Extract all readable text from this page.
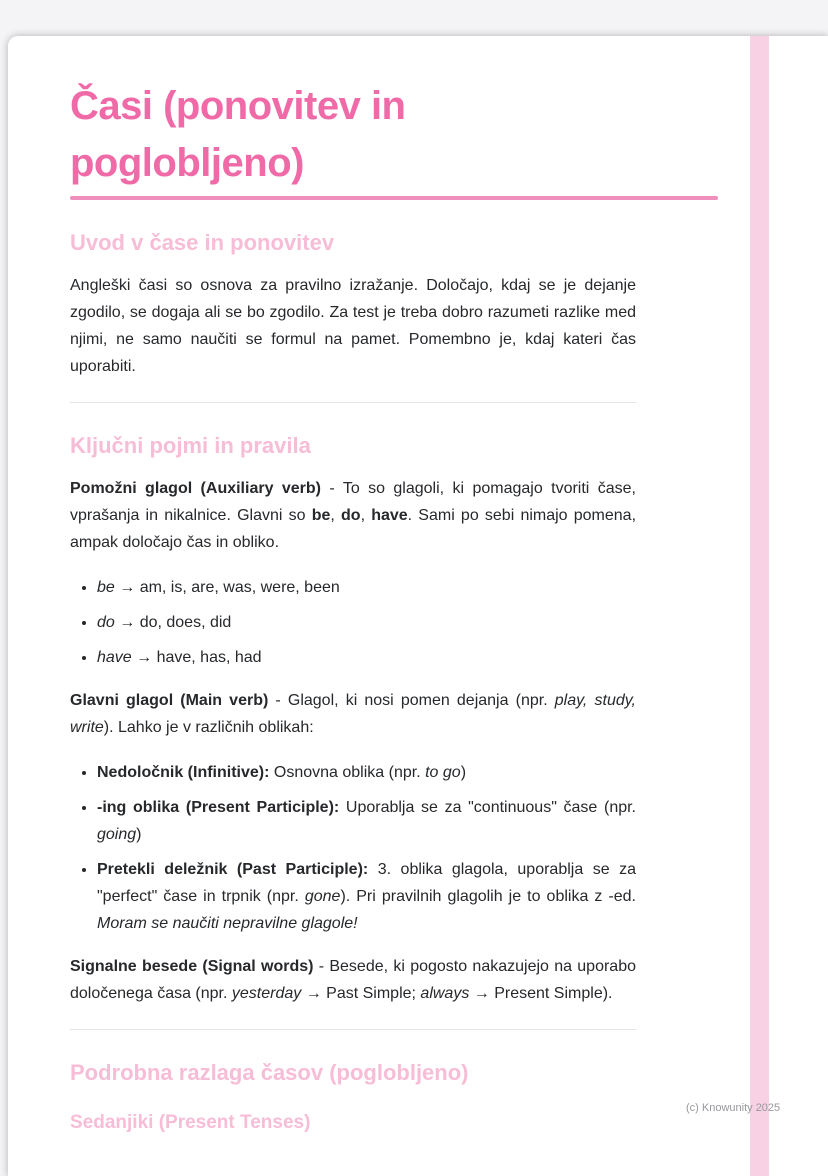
Časi (ponovitev in poglobljeno)
Uvod v čase in ponovitev

Angleški časi so osnova za pravilno izražanje. Določajo, kdaj se je dejanje zgodilo, se dogaja ali se bo zgodilo. Za test je treba dobro razumeti razlike med njimi, ne samo naučiti se formul na pamet. Pomembno je, kdaj kateri čas uporabiti.

Ključni pojmi in pravila

Pomožni glagol (Auxiliary verb) - To so glagoli, ki pomagajo tvoriti čase, vprašanja in nikalnice. Glavni so be, do, have. Sami po sebi nimajo pomena, ampak določajo čas in obliko.

• be → am, is, are, was, were, been
• do → do, does, did
• have → have, has, had

Glavni glagol (Main verb) - Glagol, ki nosi pomen dejanja (npr. play, study, write). Lahko je v različnih oblikah:

• Nedoločnik (Infinitive): Osnovna oblika (npr. to go)
• -ing oblika (Present Participle): Uporablja se za "continuous" čase (npr. going)
• Pretekli deležnik (Past Participle): 3. oblika glagola, uporablja se za "perfect" čase in trpnik (npr. gone). Pri pravilnih glagolih je to oblika z -ed. Moram se naučiti nepravilne glagole!

Signalne besede (Signal words) - Besede, ki pogosto nakazujejo na uporabo določenega časa (npr. yesterday → Past Simple; always → Present Simple).

Podrobna razlaga časov (poglobljeno)
Sedanjiki (Present Tenses)
(c) Knowunity 2025
